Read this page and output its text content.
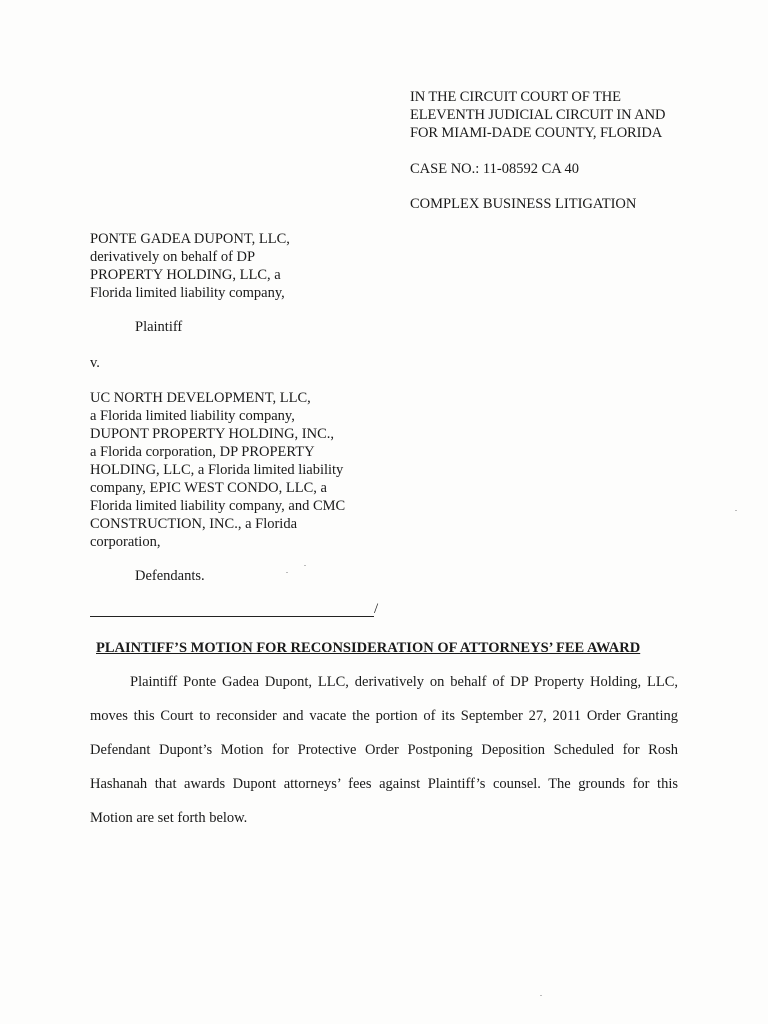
IN THE CIRCUIT COURT OF THE
ELEVENTH JUDICIAL CIRCUIT IN AND
FOR MIAMI-DADE COUNTY, FLORIDA
CASE NO.: 11-08592 CA 40
COMPLEX BUSINESS LITIGATION
PONTE GADEA DUPONT, LLC,
derivatively on behalf of DP
PROPERTY HOLDING, LLC, a
Florida limited liability company,
Plaintiff
v.
UC NORTH DEVELOPMENT, LLC,
a Florida limited liability company,
DUPONT PROPERTY HOLDING, INC.,
a Florida corporation, DP PROPERTY
HOLDING, LLC, a Florida limited liability
company, EPIC WEST CONDO, LLC, a
Florida limited liability company, and CMC
CONSTRUCTION, INC., a Florida
corporation,
Defendants.
/
PLAINTIFF’S MOTION FOR RECONSIDERATION OF ATTORNEYS’ FEE AWARD
Plaintiff Ponte Gadea Dupont, LLC, derivatively on behalf of DP Property Holding, LLC,
moves this Court to reconsider and vacate the portion of its September 27, 2011 Order Granting
Defendant Dupont’s Motion for Protective Order Postponing Deposition Scheduled for Rosh
Hashanah that awards Dupont attorneys’ fees against Plaintiff’s counsel. The grounds for this
Motion are set forth below.
